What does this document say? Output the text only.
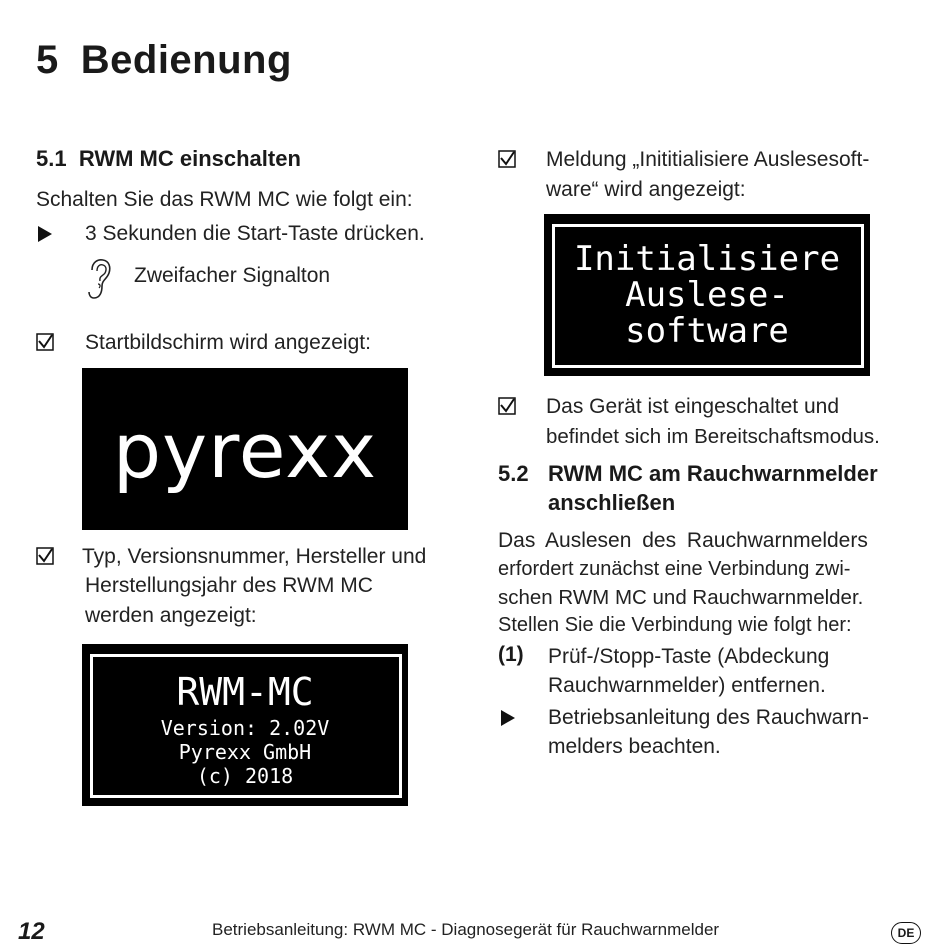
5 Bedienung
5.1 RWM MC einschalten
Schalten Sie das RWM MC wie folgt ein:
3 Sekunden die Start-Taste drücken.
Zweifacher Signalton
Startbildschirm wird angezeigt:
pyrexx
Typ, Versionsnummer, Hersteller und
Herstellungsjahr des RWM MC
werden angezeigt:
RWM-MC
Version: 2.02V
Pyrexx GmbH
(c) 2018
Meldung „Inititialisiere Auslesesoft-
ware“ wird angezeigt:
Initialisiere
Auslese-
software
Das Gerät ist eingeschaltet und
befindet sich im Bereitschaftsmodus.
5.2 RWM MC am Rauchwarnmelder
anschließen
Das Auslesen des Rauchwarnmelders
erfordert zunächst eine Verbindung zwi-
schen RWM MC und Rauchwarnmelder.
Stellen Sie die Verbindung wie folgt her:
(1) Prüf-/Stopp-Taste (Abdeckung
Rauchwarnmelder) entfernen.
Betriebsanleitung des Rauchwarn-
melders beachten.
12	Betriebsanleitung: RWM MC - Diagnosegerät für Rauchwarnmelder	DE
